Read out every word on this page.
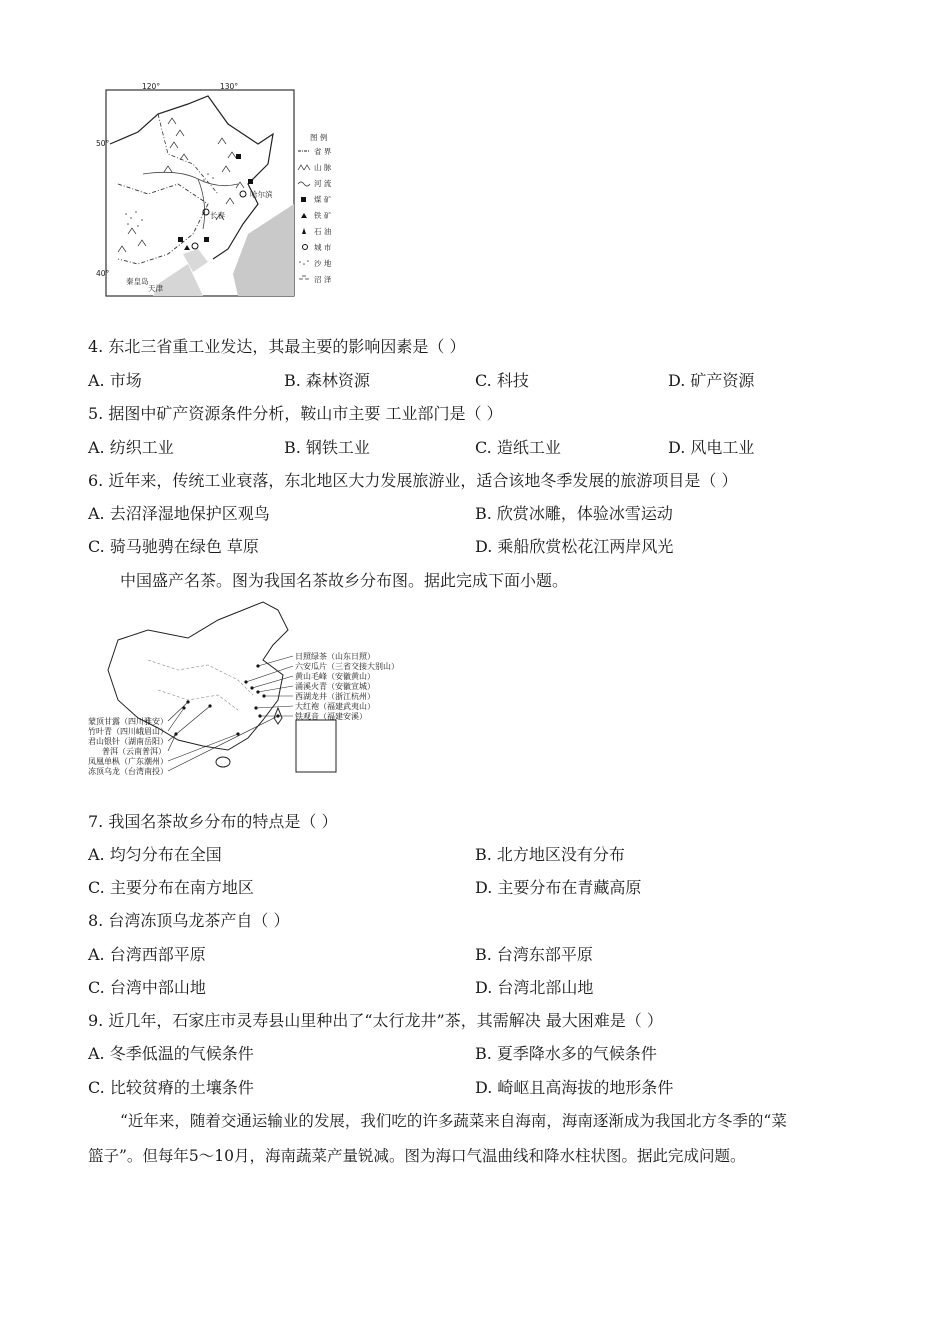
120°	130°
50°
40°
哈尔滨
长春
秦皇岛
天津
图 例
省 界
山 脉
河 流
煤 矿
铁 矿
石 油
城 市
沙 地
沼 泽
4. 东北三省重工业发达，其最主要的影响因素是（ ）
A. 市场	B. 森林资源	C. 科技	D. 矿产资源
5. 据图中矿产资源条件分析，鞍山市主要 工业部门是（ ）
A. 纺织工业	B. 钢铁工业	C. 造纸工业	D. 风电工业
6. 近年来，传统工业衰落，东北地区大力发展旅游业，适合该地冬季发展的旅游项目是（ ）
A. 去沼泽湿地保护区观鸟	B. 欣赏冰雕，体验冰雪运动
C. 骑马驰骋在绿色 草原	D. 乘船欣赏松花江两岸风光
中国盛产名茶。图为我国名茶故乡分布图。据此完成下面小题。
日照绿茶（山东日照）
六安瓜片（三省交接大别山）
黄山毛峰（安徽黄山）
涌溪火青（安徽宣城）
西湖龙井（浙江杭州）
大红袍（福建武夷山）
铁观音（福建安溪）
蒙顶甘露（四川雅安）
竹叶青（四川峨眉山）
君山银针（湖南岳阳）
普洱（云南普洱）
凤凰单枞（广东潮州）
冻顶乌龙（台湾南投）
7. 我国名茶故乡分布的特点是（ ）
A. 均匀分布在全国	B. 北方地区没有分布
C. 主要分布在南方地区	D. 主要分布在青藏高原
8. 台湾冻顶乌龙茶产自（ ）
A. 台湾西部平原	B. 台湾东部平原
C. 台湾中部山地	D. 台湾北部山地
9. 近几年，石家庄市灵寿县山里种出了“太行龙井”茶，其需解决 最大困难是（ ）
A. 冬季低温的气候条件	B. 夏季降水多的气候条件
C. 比较贫瘠的土壤条件	D. 崎岖且高海拔的地形条件
“近年来，随着交通运输业的发展，我们吃的许多蔬菜来自海南，海南逐渐成为我国北方冬季的“菜
篮子”。但每年5～10月，海南蔬菜产量锐减。图为海口气温曲线和降水柱状图。据此完成问题。
